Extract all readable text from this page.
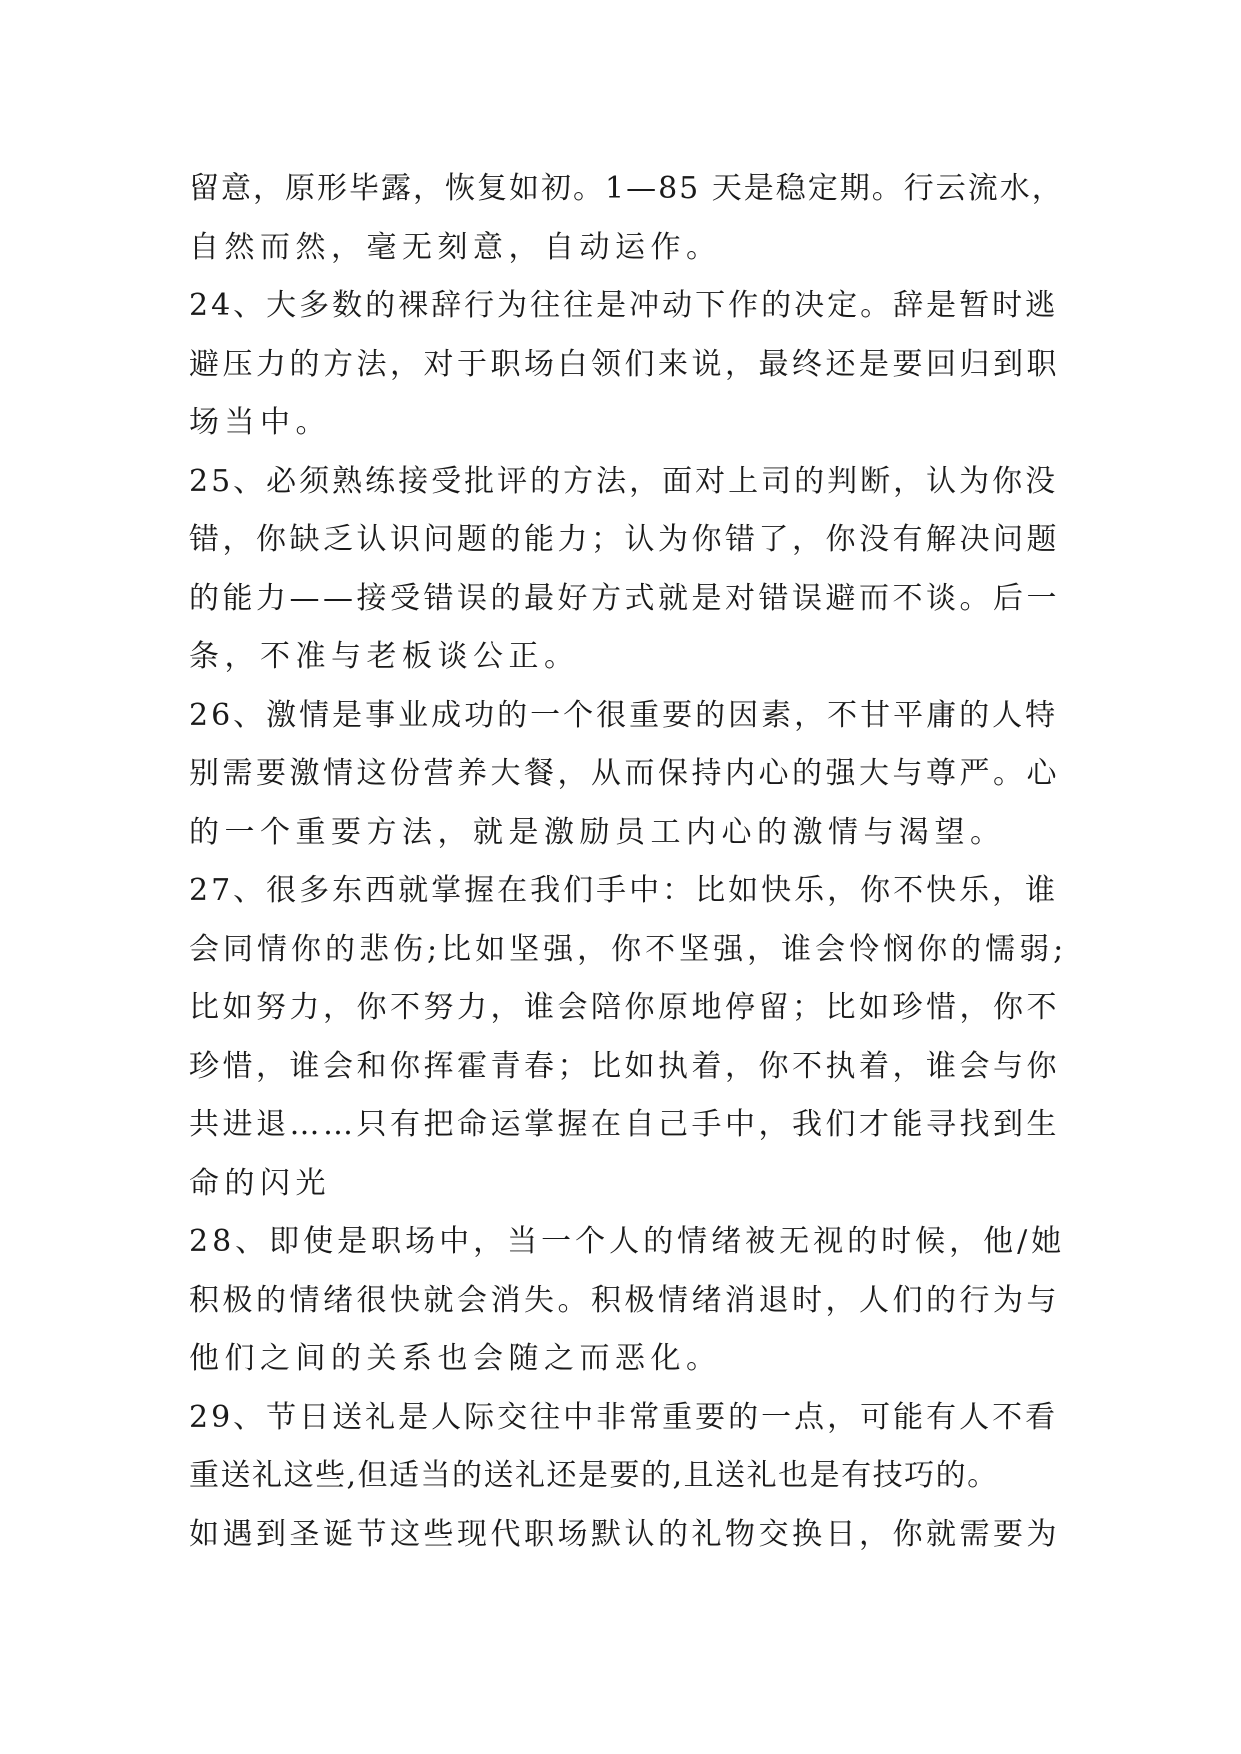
留意，原形毕露，恢复如初。1—85 天是稳定期。行云流水，
自然而然，毫无刻意，自动运作。
24、大多数的裸辞行为往往是冲动下作的决定。辞是暂时逃
避压力的方法，对于职场白领们来说，最终还是要回归到职
场当中。
25、必须熟练接受批评的方法，面对上司的判断，认为你没
错，你缺乏认识问题的能力；认为你错了，你没有解决问题
的能力——接受错误的最好方式就是对错误避而不谈。后一
条，不准与老板谈公正。
26、激情是事业成功的一个很重要的因素，不甘平庸的人特
别需要激情这份营养大餐，从而保持内心的强大与尊严。心
的一个重要方法，就是激励员工内心的激情与渴望。
27、很多东西就掌握在我们手中：比如快乐，你不快乐，谁
会同情你的悲伤;比如坚强，你不坚强，谁会怜悯你的懦弱;
比如努力，你不努力，谁会陪你原地停留；比如珍惜，你不
珍惜，谁会和你挥霍青春；比如执着，你不执着，谁会与你
共进退……只有把命运掌握在自己手中，我们才能寻找到生
命的闪光
28、即使是职场中，当一个人的情绪被无视的时候，他/她
积极的情绪很快就会消失。积极情绪消退时，人们的行为与
他们之间的关系也会随之而恶化。
29、节日送礼是人际交往中非常重要的一点，可能有人不看
重送礼这些,但适当的送礼还是要的,且送礼也是有技巧的。
如遇到圣诞节这些现代职场默认的礼物交换日，你就需要为
